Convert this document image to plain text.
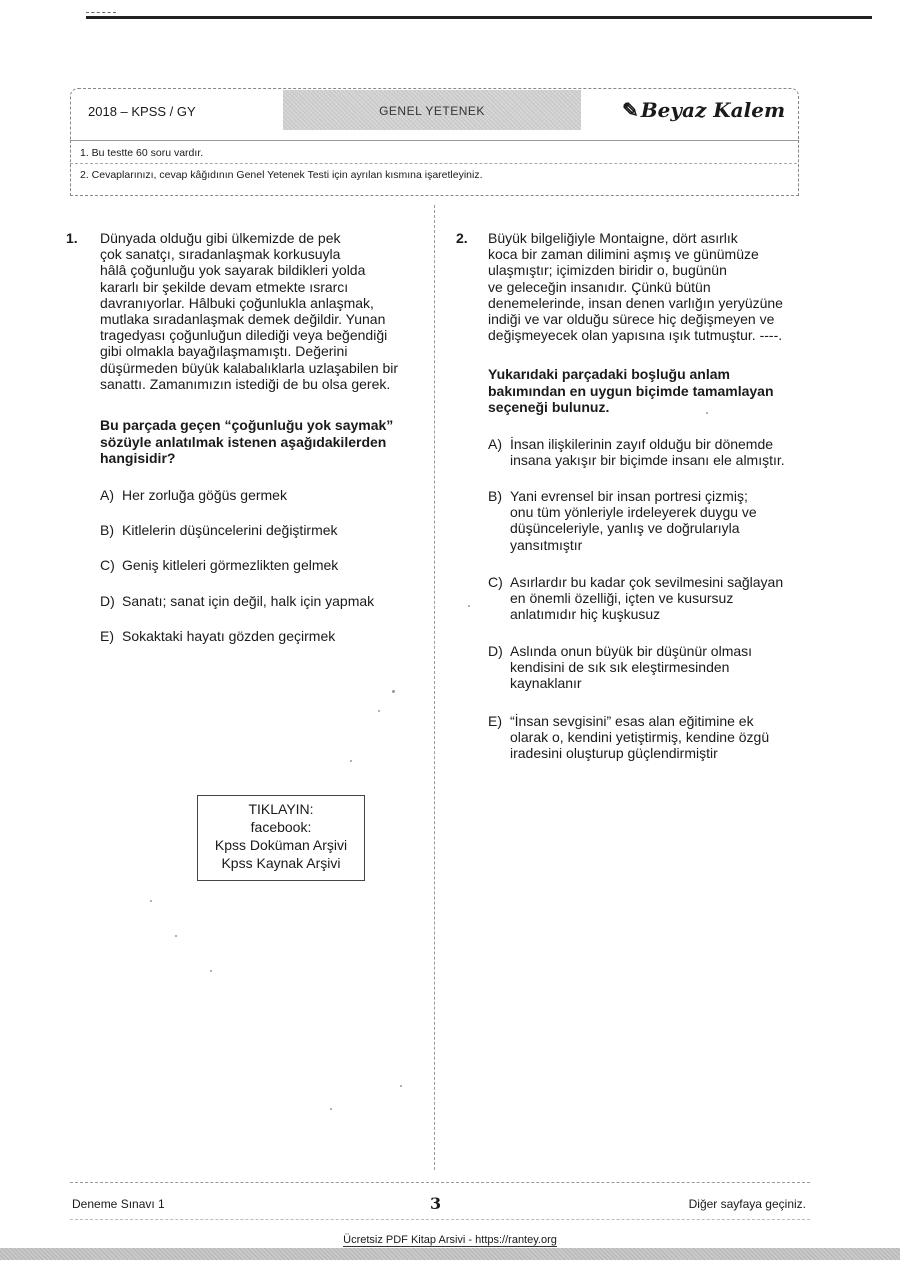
2018 – KPSS / GY	GENEL YETENEK	✎ Beyaz Kalem
1. Bu testte 60 soru vardır.
2. Cevaplarınızı, cevap kâğıdının Genel Yetenek Testi için ayrılan kısmına işaretleyiniz.
1. Dünyada olduğu gibi ülkemizde de pek
çok sanatçı, sıradanlaşmak korkusuyla
hâlâ çoğunluğu yok sayarak bildikleri yolda
kararlı bir şekilde devam etmekte ısrarcı
davranıyorlar. Hâlbuki çoğunlukla anlaşmak,
mutlaka sıradanlaşmak demek değildir. Yunan
tragedyası çoğunluğun dilediği veya beğendiği
gibi olmakla bayağılaşmamıştı. Değerini
düşürmeden büyük kalabalıklarla uzlaşabilen bir
sanattı. Zamanımızın istediği de bu olsa gerek.
Bu parçada geçen “çoğunluğu yok saymak”
sözüyle anlatılmak istenen aşağıdakilerden
hangisidir?
A) Her zorluğa göğüs germek
B) Kitlelerin düşüncelerini değiştirmek
C) Geniş kitleleri görmezlikten gelmek
D) Sanatı; sanat için değil, halk için yapmak
E) Sokaktaki hayatı gözden geçirmek
TIKLAYIN:
facebook:
Kpss Doküman Arşivi
Kpss Kaynak Arşivi
2. Büyük bilgeliğiyle Montaigne, dört asırlık
koca bir zaman dilimini aşmış ve günümüze
ulaşmıştır; içimizden biridir o, bugünün
ve geleceğin insanıdır. Çünkü bütün
denemelerinde, insan denen varlığın yeryüzüne
indiği ve var olduğu sürece hiç değişmeyen ve
değişmeyecek olan yapısına ışık tutmuştur. ----.
Yukarıdaki parçadaki boşluğu anlam
bakımından en uygun biçimde tamamlayan
seçeneği bulunuz.
A) İnsan ilişkilerinin zayıf olduğu bir dönemde
insana yakışır bir biçimde insanı ele almıştır.
B) Yani evrensel bir insan portresi çizmiş;
onu tüm yönleriyle irdeleyerek duygu ve
düşünceleriyle, yanlış ve doğrularıyla
yansıtmıştır
C) Asırlardır bu kadar çok sevilmesini sağlayan
en önemli özelliği, içten ve kusursuz
anlatımıdır hiç kuşkusuz
D) Aslında onun büyük bir düşünür olması
kendisini de sık sık eleştirmesinden
kaynaklanır
E) “İnsan sevgisini” esas alan eğitimine ek
olarak o, kendini yetiştirmiş, kendine özgü
iradesini oluşturup güçlendirmiştir
Deneme Sınavı 1	3	Diğer sayfaya geçiniz.
Ücretsiz PDF Kitap Arsivi - https://rantey.org
